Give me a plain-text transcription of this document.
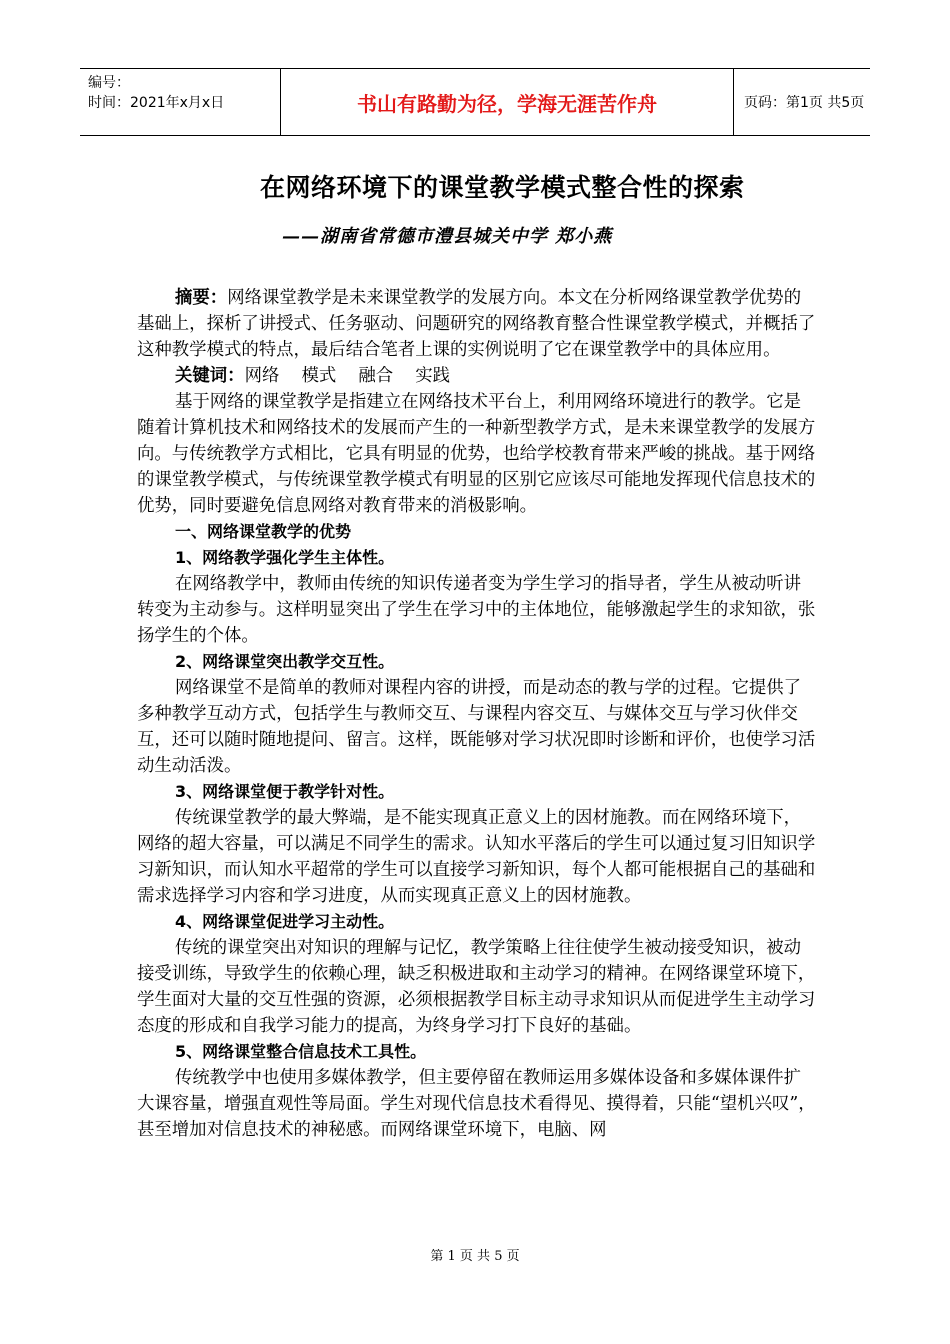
编号：
时间：2021年x月x日	书山有路勤为径，学海无涯苦作舟	页码：第1页 共5页
在网络环境下的课堂教学模式整合性的探索
——湖南省常德市澧县城关中学 郑小燕

摘要：网络课堂教学是未来课堂教学的发展方向。本文在分析网络课堂教学优势的基础上，探析了讲授式、任务驱动、问题研究的网络教育整合性课堂教学模式，并概括了这种教学模式的特点，最后结合笔者上课的实例说明了它在课堂教学中的具体应用。

关键词：网络    模式    融合    实践

基于网络的课堂教学是指建立在网络技术平台上，利用网络环境进行的教学。它是随着计算机技术和网络技术的发展而产生的一种新型教学方式，是未来课堂教学的发展方向。与传统教学方式相比，它具有明显的优势，也给学校教育带来严峻的挑战。基于网络的课堂教学模式，与传统课堂教学模式有明显的区别它应该尽可能地发挥现代信息技术的优势，同时要避免信息网络对教育带来的消极影响。

一、网络课堂教学的优势

1、网络教学强化学生主体性。

在网络教学中，教师由传统的知识传递者变为学生学习的指导者，学生从被动听讲转变为主动参与。这样明显突出了学生在学习中的主体地位，能够激起学生的求知欲，张扬学生的个体。

2、网络课堂突出教学交互性。

网络课堂不是简单的教师对课程内容的讲授，而是动态的教与学的过程。它提供了多种教学互动方式，包括学生与教师交互、与课程内容交互、与媒体交互与学习伙伴交互，还可以随时随地提问、留言。这样，既能够对学习状况即时诊断和评价，也使学习活动生动活泼。

3、网络课堂便于教学针对性。

传统课堂教学的最大弊端，是不能实现真正意义上的因材施教。而在网络环境下，网络的超大容量，可以满足不同学生的需求。认知水平落后的学生可以通过复习旧知识学习新知识，而认知水平超常的学生可以直接学习新知识，每个人都可能根据自己的基础和需求选择学习内容和学习进度，从而实现真正意义上的因材施教。

4、网络课堂促进学习主动性。

传统的课堂突出对知识的理解与记忆，教学策略上往往使学生被动接受知识，被动接受训练，导致学生的依赖心理，缺乏积极进取和主动学习的精神。在网络课堂环境下，学生面对大量的交互性强的资源，必须根据教学目标主动寻求知识从而促进学生主动学习态度的形成和自我学习能力的提高，为终身学习打下良好的基础。

5、网络课堂整合信息技术工具性。

传统教学中也使用多媒体教学，但主要停留在教师运用多媒体设备和多媒体课件扩大课容量，增强直观性等局面。学生对现代信息技术看得见、摸得着，只能“望机兴叹”，甚至增加对信息技术的神秘感。而网络课堂环境下，电脑、网

第 1 页 共 5 页
